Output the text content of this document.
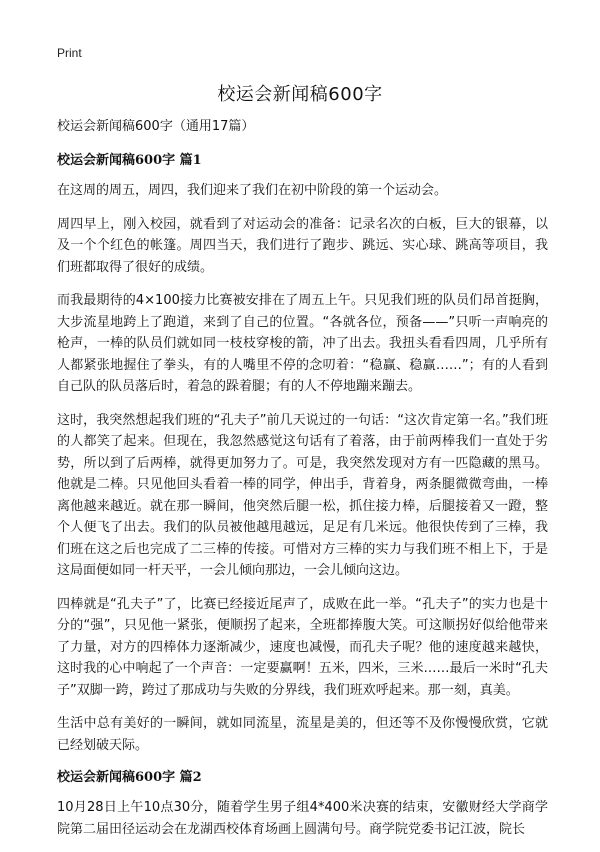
Print
校运会新闻稿600字

校运会新闻稿600字（通用17篇）

校运会新闻稿600字 篇1

在这周的周五，周四，我们迎来了我们在初中阶段的第一个运动会。

周四早上，刚入校园，就看到了对运动会的准备：记录名次的白板，巨大的银幕，以及一个个红色的帐篷。周四当天，我们进行了跑步、跳远、实心球、跳高等项目，我们班都取得了很好的成绩。

而我最期待的4×100接力比赛被安排在了周五上午。只见我们班的队员们昂首挺胸，大步流星地跨上了跑道，来到了自己的位置。“各就各位，预备——”只听一声响亮的枪声，一棒的队员们就如同一枝枝穿梭的箭，冲了出去。我扭头看看四周，几乎所有人都紧张地握住了拳头，有的人嘴里不停的念叨着：“稳赢、稳赢……”；有的人看到自己队的队员落后时，着急的跺着腿；有的人不停地蹦来蹦去。

这时，我突然想起我们班的“孔夫子”前几天说过的一句话：“这次肯定第一名。”我们班的人都笑了起来。但现在，我忽然感觉这句话有了着落，由于前两棒我们一直处于劣势，所以到了后两棒，就得更加努力了。可是，我突然发现对方有一匹隐藏的黑马。他就是二棒。只见他回头看着一棒的同学，伸出手，背着身，两条腿微微弯曲，一棒离他越来越近。就在那一瞬间，他突然后腿一松，抓住接力棒，后腿接着又一蹬，整个人便飞了出去。我们的队员被他越甩越远，足足有几米远。他很快传到了三棒，我们班在这之后也完成了二三棒的传接。可惜对方三棒的实力与我们班不相上下，于是这局面便如同一杆天平，一会儿倾向那边，一会儿倾向这边。

四棒就是“孔夫子”了，比赛已经接近尾声了，成败在此一举。“孔夫子”的实力也是十分的“强”，只见他一紧张，便顺拐了起来，全班都捧腹大笑。可这顺拐好似给他带来了力量，对方的四棒体力逐渐减少，速度也减慢，而孔夫子呢？他的速度越来越快，这时我的心中响起了一个声音：一定要赢啊！五米，四米，三米……最后一米时“孔夫子”双脚一跨，跨过了那成功与失败的分界线，我们班欢呼起来。那一刻，真美。

生活中总有美好的一瞬间，就如同流星，流星是美的，但还等不及你慢慢欣赏，它就已经划破天际。

校运会新闻稿600字 篇2

10月28日上午10点30分，随着学生男子组4*400米决赛的结束，安徽财经大学商学院第二届田径运动会在龙湖西校体育场画上圆满句号。商学院党委书记江波，院长
